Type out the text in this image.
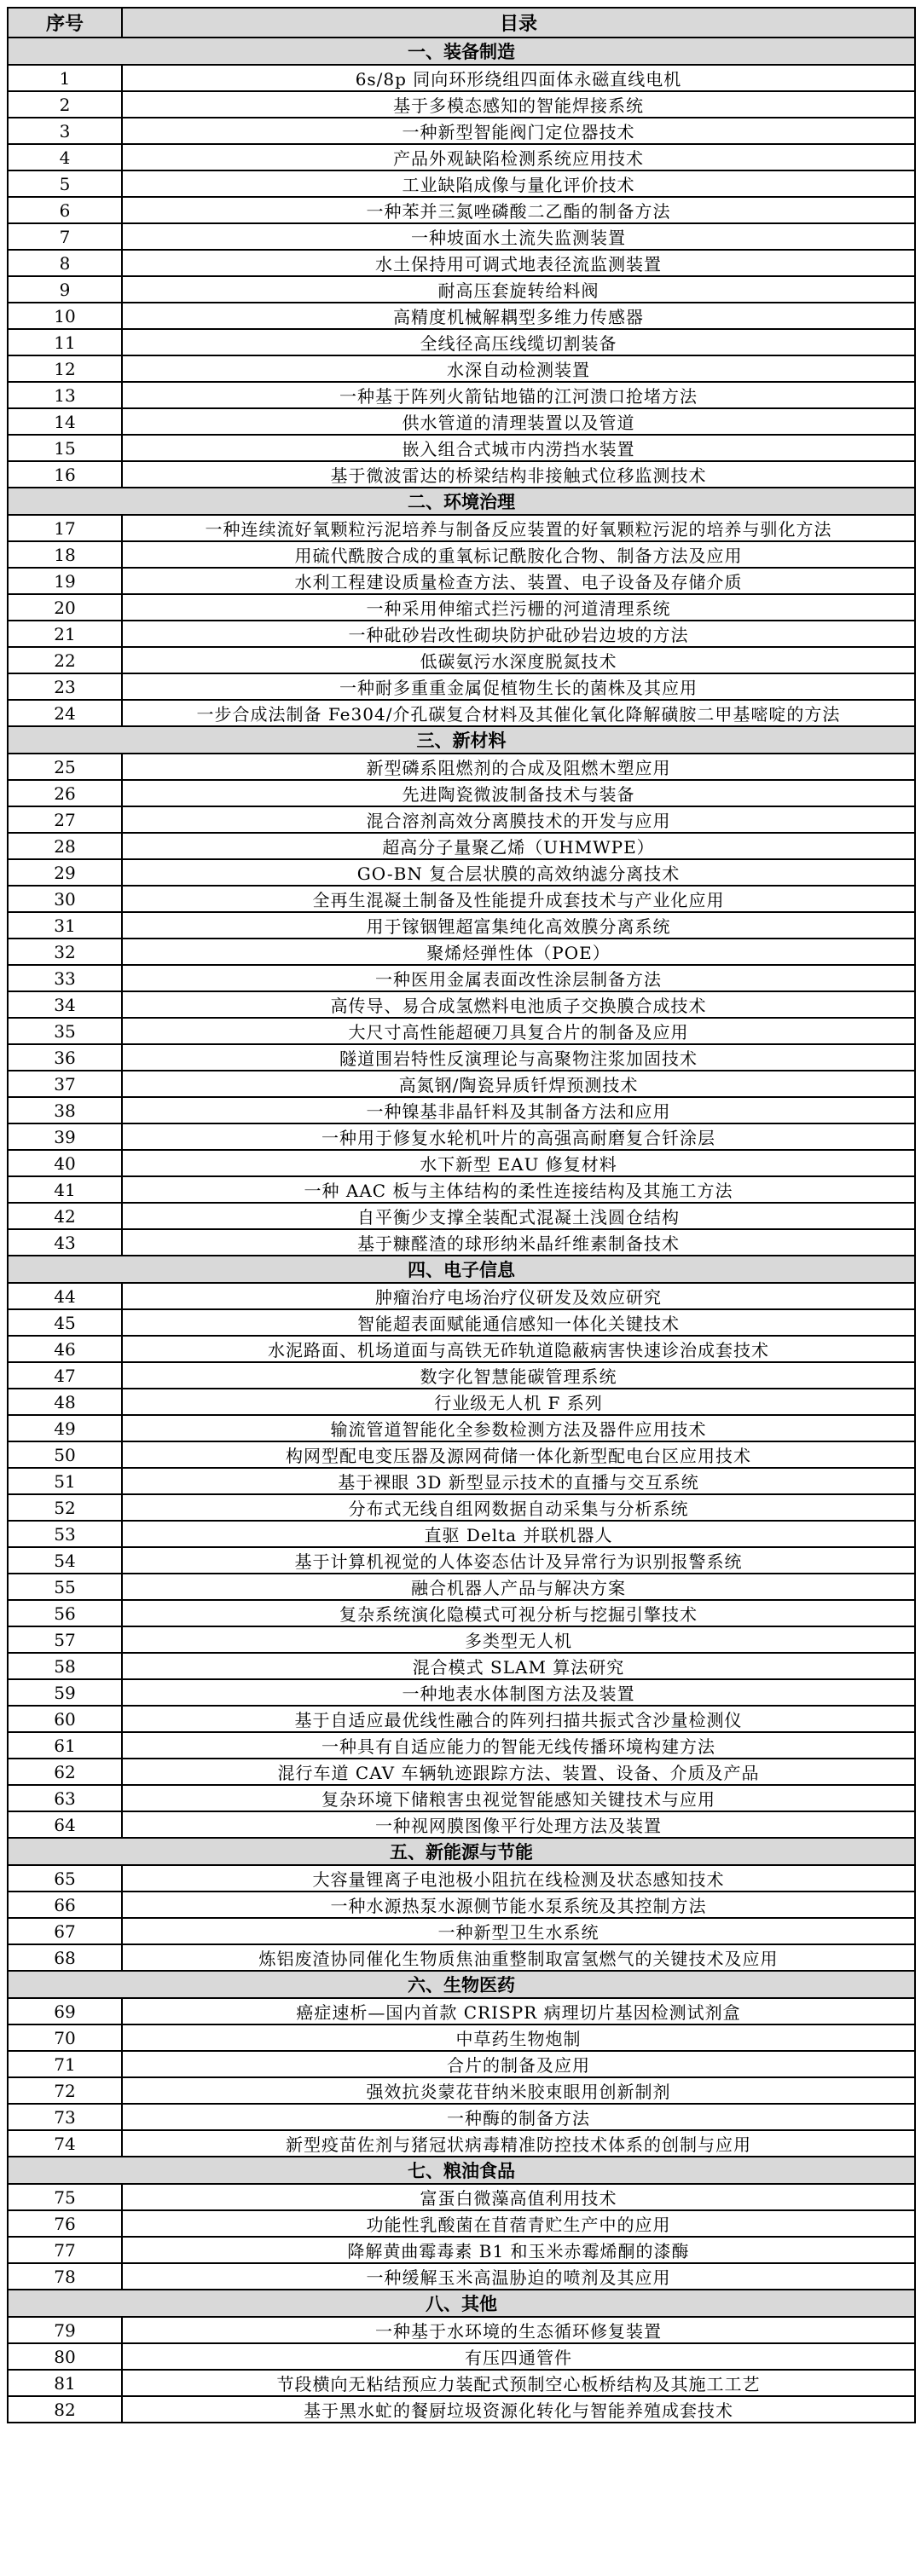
序号	目录
一、装备制造	
1	6s/8p 同向环形绕组四面体永磁直线电机
2	基于多模态感知的智能焊接系统
3	一种新型智能阀门定位器技术
4	产品外观缺陷检测系统应用技术
5	工业缺陷成像与量化评价技术
6	一种苯并三氮唑磷酸二乙酯的制备方法
7	一种坡面水土流失监测装置
8	水土保持用可调式地表径流监测装置
9	耐高压套旋转给料阀
10	高精度机械解耦型多维力传感器
11	全线径高压线缆切割装备
12	水深自动检测装置
13	一种基于阵列火箭钻地锚的江河溃口抢堵方法
14	供水管道的清理装置以及管道
15	嵌入组合式城市内涝挡水装置
16	基于微波雷达的桥梁结构非接触式位移监测技术
二、环境治理	
17	一种连续流好氧颗粒污泥培养与制备反应装置的好氧颗粒污泥的培养与驯化方法
18	用硫代酰胺合成的重氧标记酰胺化合物、制备方法及应用
19	水利工程建设质量检查方法、装置、电子设备及存储介质
20	一种采用伸缩式拦污栅的河道清理系统
21	一种砒砂岩改性砌块防护砒砂岩边坡的方法
22	低碳氨污水深度脱氮技术
23	一种耐多重重金属促植物生长的菌株及其应用
24	一步合成法制备 Fe304/介孔碳复合材料及其催化氧化降解磺胺二甲基嘧啶的方法
三、新材料	
25	新型磷系阻燃剂的合成及阻燃木塑应用
26	先进陶瓷微波制备技术与装备
27	混合溶剂高效分离膜技术的开发与应用
28	超高分子量聚乙烯（UHMWPE）
29	GO-BN 复合层状膜的高效纳滤分离技术
30	全再生混凝土制备及性能提升成套技术与产业化应用
31	用于镓铟锂超富集纯化高效膜分离系统
32	聚烯烃弹性体（POE）
33	一种医用金属表面改性涂层制备方法
34	高传导、易合成氢燃料电池质子交换膜合成技术
35	大尺寸高性能超硬刀具复合片的制备及应用
36	隧道围岩特性反演理论与高聚物注浆加固技术
37	高氮钢/陶瓷异质钎焊预测技术
38	一种镍基非晶钎料及其制备方法和应用
39	一种用于修复水轮机叶片的高强高耐磨复合钎涂层
40	水下新型 EAU 修复材料
41	一种 AAC 板与主体结构的柔性连接结构及其施工方法
42	自平衡少支撑全装配式混凝土浅圆仓结构
43	基于糠醛渣的球形纳米晶纤维素制备技术
四、电子信息	
44	肿瘤治疗电场治疗仪研发及效应研究
45	智能超表面赋能通信感知一体化关键技术
46	水泥路面、机场道面与高铁无砟轨道隐蔽病害快速诊治成套技术
47	数字化智慧能碳管理系统
48	行业级无人机 F 系列
49	输流管道智能化全参数检测方法及器件应用技术
50	构网型配电变压器及源网荷储一体化新型配电台区应用技术
51	基于裸眼 3D 新型显示技术的直播与交互系统
52	分布式无线自组网数据自动采集与分析系统
53	直驱 Delta 并联机器人
54	基于计算机视觉的人体姿态估计及异常行为识别报警系统
55	融合机器人产品与解决方案
56	复杂系统演化隐模式可视分析与挖掘引擎技术
57	多类型无人机
58	混合模式 SLAM 算法研究
59	一种地表水体制图方法及装置
60	基于自适应最优线性融合的阵列扫描共振式含沙量检测仪
61	一种具有自适应能力的智能无线传播环境构建方法
62	混行车道 CAV 车辆轨迹跟踪方法、装置、设备、介质及产品
63	复杂环境下储粮害虫视觉智能感知关键技术与应用
64	一种视网膜图像平行处理方法及装置
五、新能源与节能	
65	大容量锂离子电池极小阻抗在线检测及状态感知技术
66	一种水源热泵水源侧节能水泵系统及其控制方法
67	一种新型卫生水系统
68	炼铝废渣协同催化生物质焦油重整制取富氢燃气的关键技术及应用
六、生物医药	
69	癌症速析—国内首款 CRISPR 病理切片基因检测试剂盒
70	中草药生物炮制
71	合片的制备及应用
72	强效抗炎蒙花苷纳米胶束眼用创新制剂
73	一种酶的制备方法
74	新型疫苗佐剂与猪冠状病毒精准防控技术体系的创制与应用
七、粮油食品	
75	富蛋白微藻高值利用技术
76	功能性乳酸菌在苜蓿青贮生产中的应用
77	降解黄曲霉毒素 B1 和玉米赤霉烯酮的漆酶
78	一种缓解玉米高温胁迫的喷剂及其应用
八、其他	
79	一种基于水环境的生态循环修复装置
80	有压四通管件
81	节段横向无粘结预应力装配式预制空心板桥结构及其施工工艺
82	基于黑水虻的餐厨垃圾资源化转化与智能养殖成套技术
